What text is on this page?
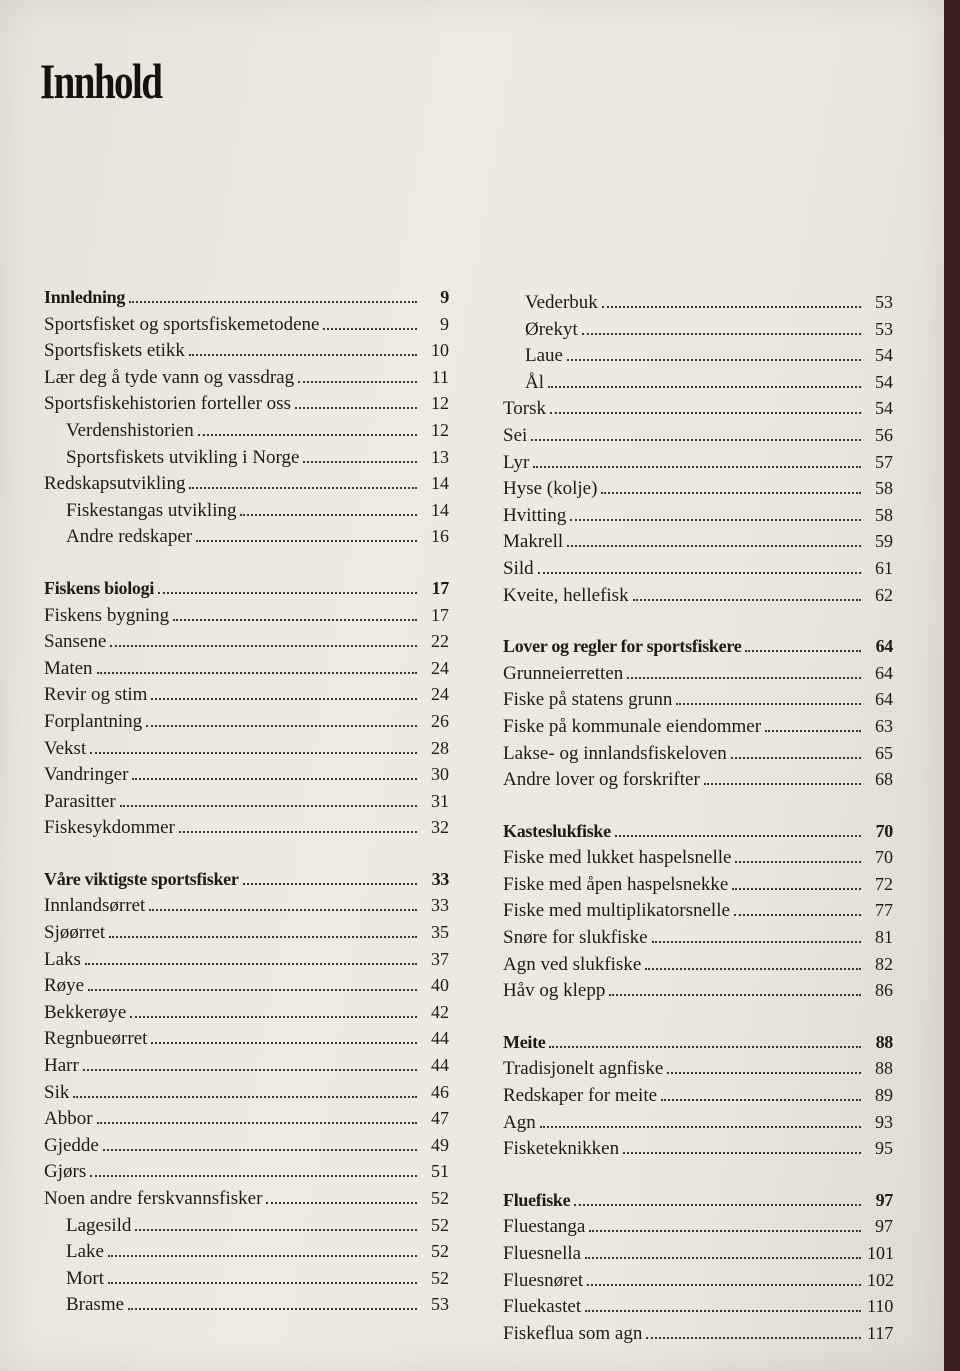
Innhold
Innledning	9
Sportsfisket og sportsfiskemetodene	9
Sportsfiskets etikk	10
Lær deg å tyde vann og vassdrag	11
Sportsfiskehistorien forteller oss	12
Verdenshistorien	12
Sportsfiskets utvikling i Norge	13
Redskapsutvikling	14
Fiskestangas utvikling	14
Andre redskaper	16
Fiskens biologi	17
Fiskens bygning	17
Sansene	22
Maten	24
Revir og stim	24
Forplantning	26
Vekst	28
Vandringer	30
Parasitter	31
Fiskesykdommer	32
Våre viktigste sportsfisker	33
Innlandsørret	33
Sjøørret	35
Laks	37
Røye	40
Bekkerøye	42
Regnbueørret	44
Harr	44
Sik	46
Abbor	47
Gjedde	49
Gjørs	51
Noen andre ferskvannsfisker	52
Lagesild	52
Lake	52
Mort	52
Brasme	53
Vederbuk	53
Ørekyt	53
Laue	54
Ål	54
Torsk	54
Sei	56
Lyr	57
Hyse (kolje)	58
Hvitting	58
Makrell	59
Sild	61
Kveite, hellefisk	62
Lover og regler for sportsfiskere	64
Grunneierretten	64
Fiske på statens grunn	64
Fiske på kommunale eiendommer	63
Lakse- og innlandsfiskeloven	65
Andre lover og forskrifter	68
Kasteslukfiske	70
Fiske med lukket haspelsnelle	70
Fiske med åpen haspelsnekke	72
Fiske med multiplikatorsnelle	77
Snøre for slukfiske	81
Agn ved slukfiske	82
Håv og klepp	86
Meite	88
Tradisjonelt agnfiske	88
Redskaper for meite	89
Agn	93
Fisketeknikken	95
Fluefiske	97
Fluestanga	97
Fluesnella	101
Fluesnøret	102
Fluekastet	110
Fiskeflua som agn	117
